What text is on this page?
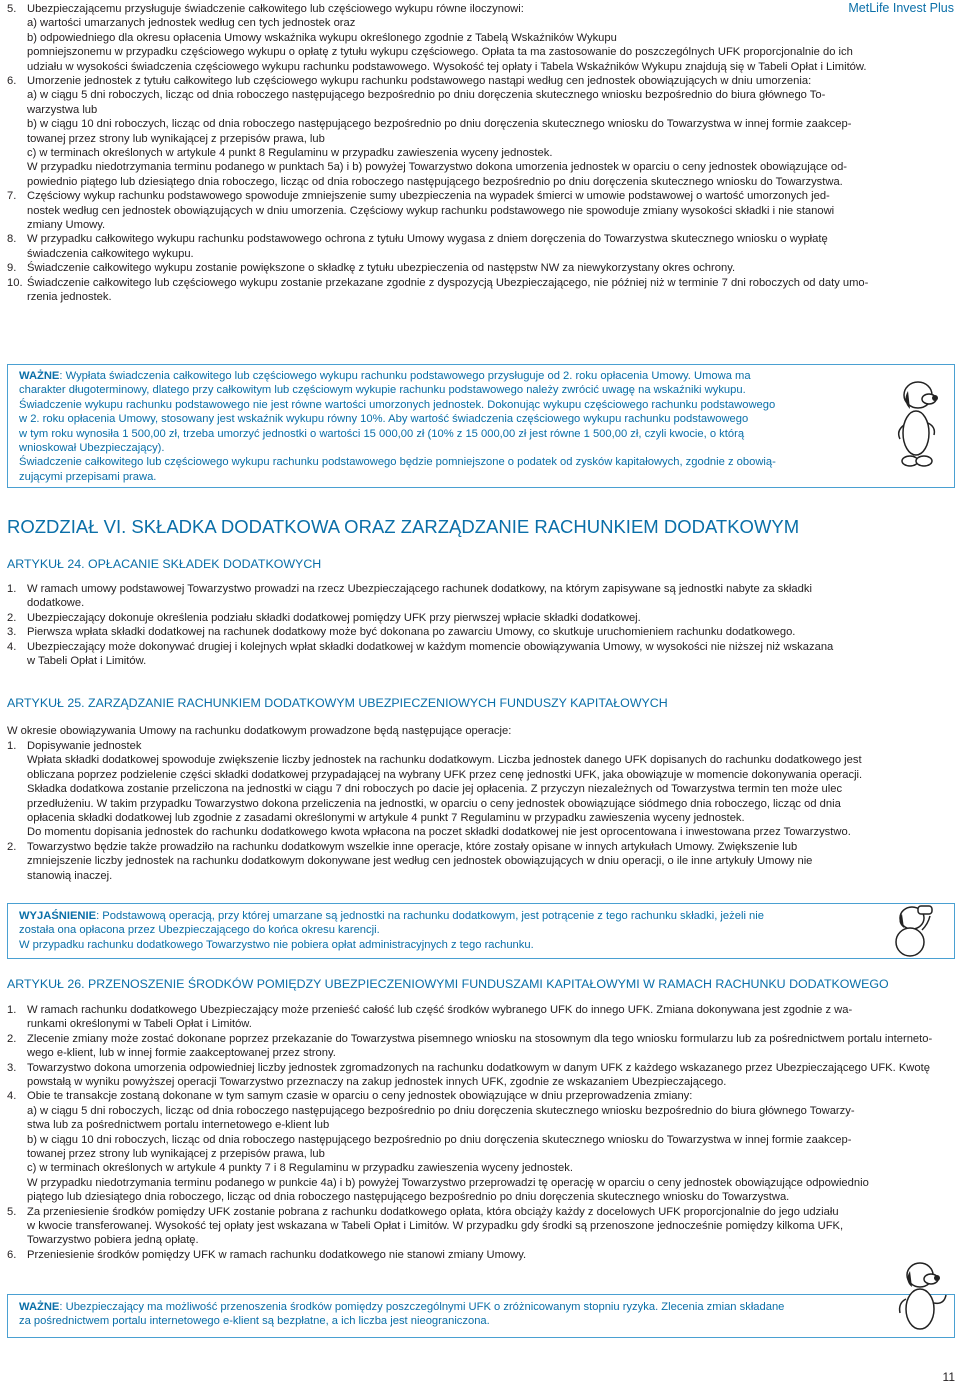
MetLife Invest Plus
5. Ubezpieczającemu przysługuje świadczenie całkowitego lub częściowego wykupu równe iloczynowi:
a) wartości umarzanych jednostek według cen tych jednostek oraz
b) odpowiedniego dla okresu opłacenia Umowy wskaźnika wykupu określonego zgodnie z Tabelą Wskaźników Wykupu
pomniejszonemu w przypadku częściowego wykupu o opłatę z tytułu wykupu częściowego. Opłata ta ma zastosowanie do poszczególnych UFK proporcjonalnie do ich
udziału w wysokości świadczenia częściowego wykupu rachunku podstawowego. Wysokość tej opłaty i Tabela Wskaźników Wykupu znajdują się w Tabeli Opłat i Limitów.
6. Umorzenie jednostek z tytułu całkowitego lub częściowego wykupu rachunku podstawowego nastąpi według cen jednostek obowiązujących w dniu umorzenia:
a) w ciągu 5 dni roboczych, licząc od dnia roboczego następującego bezpośrednio po dniu doręczenia skutecznego wniosku bezpośrednio do biura głównego To-
warzystwa lub
b) w ciągu 10 dni roboczych, licząc od dnia roboczego następującego bezpośrednio po dniu doręczenia skutecznego wniosku do Towarzystwa w innej formie zaakcep-
towanej przez strony lub wynikającej z przepisów prawa, lub
c) w terminach określonych w artykule 4 punkt 8 Regulaminu w przypadku zawieszenia wyceny jednostek.
W przypadku niedotrzymania terminu podanego w punktach 5a) i b) powyżej Towarzystwo dokona umorzenia jednostek w oparciu o ceny jednostek obowiązujące od-
powiednio piątego lub dziesiątego dnia roboczego, licząc od dnia roboczego następującego bezpośrednio po dniu doręczenia skutecznego wniosku do Towarzystwa.
7. Częściowy wykup rachunku podstawowego spowoduje zmniejszenie sumy ubezpieczenia na wypadek śmierci w umowie podstawowej o wartość umorzonych jed-
nostek według cen jednostek obowiązujących w dniu umorzenia. Częściowy wykup rachunku podstawowego nie spowoduje zmiany wysokości składki i nie stanowi
zmiany Umowy.
8. W przypadku całkowitego wykupu rachunku podstawowego ochrona z tytułu Umowy wygasa z dniem doręczenia do Towarzystwa skutecznego wniosku o wypłatę
świadczenia całkowitego wykupu.
9. Świadczenie całkowitego wykupu zostanie powiększone o składkę z tytułu ubezpieczenia od następstw NW za niewykorzystany okres ochrony.
10. Świadczenie całkowitego lub częściowego wykupu zostanie przekazane zgodnie z dyspozycją Ubezpieczającego, nie później niż w terminie 7 dni roboczych od daty umo-
rzenia jednostek.
WAŻNE: Wypłata świadczenia całkowitego lub częściowego wykupu rachunku podstawowego przysługuje od 2. roku opłacenia Umowy. Umowa ma
charakter długoterminowy, dlatego przy całkowitym lub częściowym wykupie rachunku podstawowego należy zwrócić uwagę na wskaźniki wykupu.
Świadczenie wykupu rachunku podstawowego nie jest równe wartości umorzonych jednostek. Dokonując wykupu częściowego rachunku podstawowego
w 2. roku opłacenia Umowy, stosowany jest wskaźnik wykupu równy 10%. Aby wartość świadczenia częściowego wykupu rachunku podstawowego
w tym roku wynosiła 1 500,00 zł, trzeba umorzyć jednostki o wartości 15 000,00 zł (10% z 15 000,00 zł jest równe 1 500,00 zł, czyli kwocie, o którą
wnioskował Ubezpieczający).
Świadczenie całkowitego lub częściowego wykupu rachunku podstawowego będzie pomniejszone o podatek od zysków kapitałowych, zgodnie z obowią-
zującymi przepisami prawa.
ROZDZIAŁ VI. SKŁADKA DODATKOWA ORAZ ZARZĄDZANIE RACHUNKIEM DODATKOWYM
ARTYKUŁ 24. OPŁACANIE SKŁADEK DODATKOWYCH
1. W ramach umowy podstawowej Towarzystwo prowadzi na rzecz Ubezpieczającego rachunek dodatkowy, na którym zapisywane są jednostki nabyte za składki
dodatkowe.
2. Ubezpieczający dokonuje określenia podziału składki dodatkowej pomiędzy UFK przy pierwszej wpłacie składki dodatkowej.
3. Pierwsza wpłata składki dodatkowej na rachunek dodatkowy może być dokonana po zawarciu Umowy, co skutkuje uruchomieniem rachunku dodatkowego.
4. Ubezpieczający może dokonywać drugiej i kolejnych wpłat składki dodatkowej w każdym momencie obowiązywania Umowy, w wysokości nie niższej niż wskazana
w Tabeli Opłat i Limitów.
ARTYKUŁ 25. ZARZĄDZANIE RACHUNKIEM DODATKOWYM UBEZPIECZENIOWYCH FUNDUSZY KAPITAŁOWYCH
W okresie obowiązywania Umowy na rachunku dodatkowym prowadzone będą następujące operacje:
1. Dopisywanie jednostek
Wpłata składki dodatkowej spowoduje zwiększenie liczby jednostek na rachunku dodatkowym. Liczba jednostek danego UFK dopisanych do rachunku dodatkowego jest
obliczana poprzez podzielenie części składki dodatkowej przypadającej na wybrany UFK przez cenę jednostki UFK, jaka obowiązuje w momencie dokonywania operacji.
Składka dodatkowa zostanie przeliczona na jednostki w ciągu 7 dni roboczych po dacie jej opłacenia. Z przyczyn niezależnych od Towarzystwa termin ten może ulec
przedłużeniu. W takim przypadku Towarzystwo dokona przeliczenia na jednostki, w oparciu o ceny jednostek obowiązujące siódmego dnia roboczego, licząc od dnia
opłacenia składki dodatkowej lub zgodnie z zasadami określonymi w artykule 4 punkt 7 Regulaminu w przypadku zawieszenia wyceny jednostek.
Do momentu dopisania jednostek do rachunku dodatkowego kwota wpłacona na poczet składki dodatkowej nie jest oprocentowana i inwestowana przez Towarzystwo.
2. Towarzystwo będzie także prowadziło na rachunku dodatkowym wszelkie inne operacje, które zostały opisane w innych artykułach Umowy. Zwiększenie lub
zmniejszenie liczby jednostek na rachunku dodatkowym dokonywane jest według cen jednostek obowiązujących w dniu operacji, o ile inne artykuły Umowy nie
stanowią inaczej.
WYJAŚNIENIE: Podstawową operacją, przy której umarzane są jednostki na rachunku dodatkowym, jest potrącenie z tego rachunku składki, jeżeli nie
została ona opłacona przez Ubezpieczającego do końca okresu karencji.
W przypadku rachunku dodatkowego Towarzystwo nie pobiera opłat administracyjnych z tego rachunku.
ARTYKUŁ 26. PRZENOSZENIE ŚRODKÓW POMIĘDZY UBEZPIECZENIOWYMI FUNDUSZAMI KAPITAŁOWYMI W RAMACH RACHUNKU DODATKOWEGO
1. W ramach rachunku dodatkowego Ubezpieczający może przenieść całość lub część środków wybranego UFK do innego UFK. Zmiana dokonywana jest zgodnie z wa-
runkami określonymi w Tabeli Opłat i Limitów.
2. Zlecenie zmiany może zostać dokonane poprzez przekazanie do Towarzystwa pisemnego wniosku na stosownym dla tego wniosku formularzu lub za pośrednictwem portalu interneto-
wego e-klient, lub w innej formie zaakceptowanej przez strony.
3. Towarzystwo dokona umorzenia odpowiedniej liczby jednostek zgromadzonych na rachunku dodatkowym w danym UFK z każdego wskazanego przez Ubezpieczającego UFK. Kwotę
powstałą w wyniku powyższej operacji Towarzystwo przeznaczy na zakup jednostek innych UFK, zgodnie ze wskazaniem Ubezpieczającego.
4. Obie te transakcje zostaną dokonane w tym samym czasie w oparciu o ceny jednostek obowiązujące w dniu przeprowadzenia zmiany:
a) w ciągu 5 dni roboczych, licząc od dnia roboczego następującego bezpośrednio po dniu doręczenia skutecznego wniosku bezpośrednio do biura głównego Towarzy-
stwa lub za pośrednictwem portalu internetowego e-klient lub
b) w ciągu 10 dni roboczych, licząc od dnia roboczego następującego bezpośrednio po dniu doręczenia skutecznego wniosku do Towarzystwa w innej formie zaakcep-
towanej przez strony lub wynikającej z przepisów prawa, lub
c) w terminach określonych w artykule 4 punkty 7 i 8 Regulaminu w przypadku zawieszenia wyceny jednostek.
W przypadku niedotrzymania terminu podanego w punkcie 4a) i b) powyżej Towarzystwo przeprowadzi tę operację w oparciu o ceny jednostek obowiązujące odpowiednio
piątego lub dziesiątego dnia roboczego, licząc od dnia roboczego następującego bezpośrednio po dniu doręczenia skutecznego wniosku do Towarzystwa.
5. Za przeniesienie środków pomiędzy UFK zostanie pobrana z rachunku dodatkowego opłata, która obciąży każdy z docelowych UFK proporcjonalnie do jego udziału
w kwocie transferowanej. Wysokość tej opłaty jest wskazana w Tabeli Opłat i Limitów. W przypadku gdy środki są przenoszone jednocześnie pomiędzy kilkoma UFK,
Towarzystwo pobiera jedną opłatę.
6. Przeniesienie środków pomiędzy UFK w ramach rachunku dodatkowego nie stanowi zmiany Umowy.
WAŻNE: Ubezpieczający ma możliwość przenoszenia środków pomiędzy poszczególnymi UFK o zróżnicowanym stopniu ryzyka. Zlecenia zmian składane
za pośrednictwem portalu internetowego e-klient są bezpłatne, a ich liczba jest nieograniczona.
11
